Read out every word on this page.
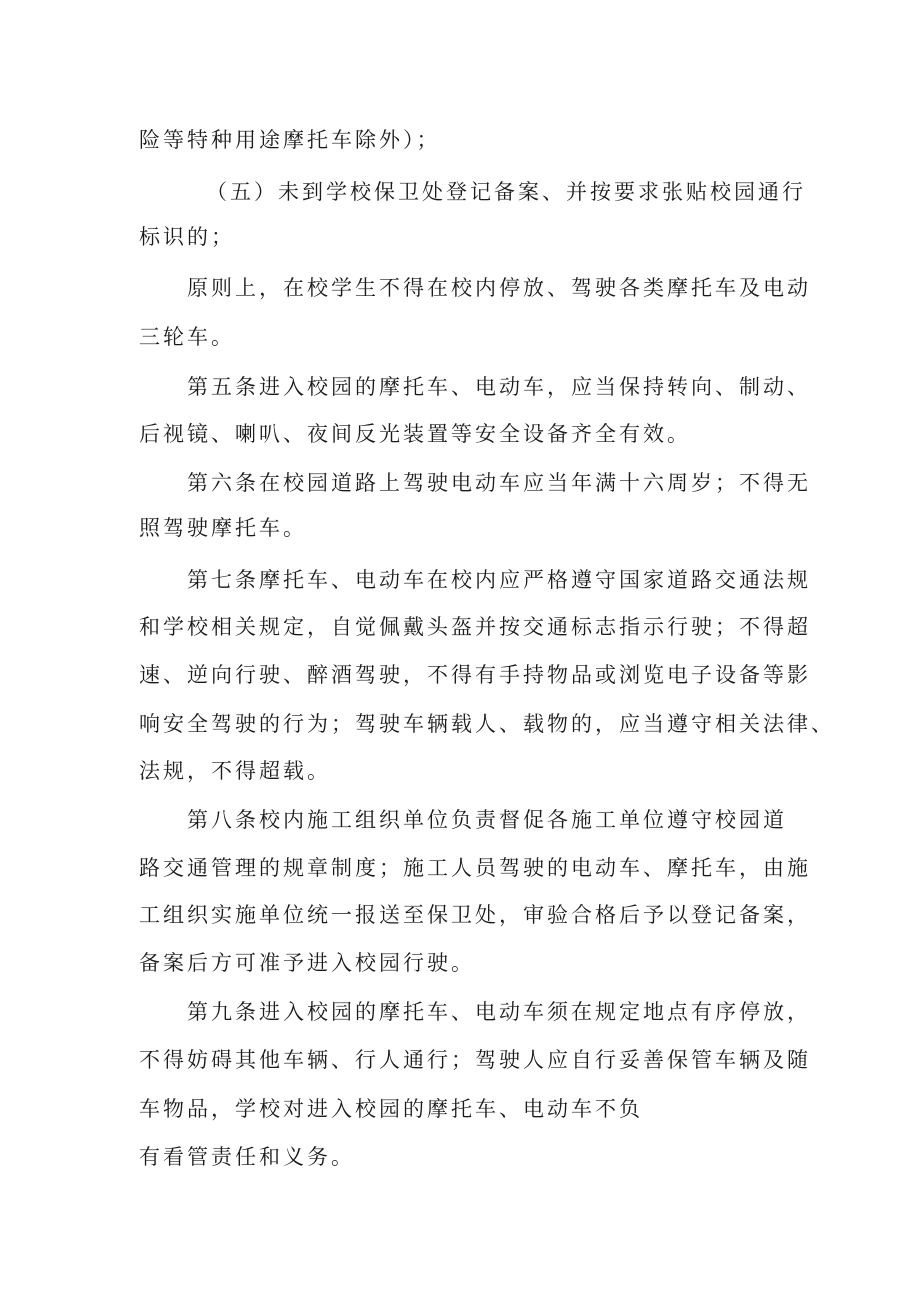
险等特种用途摩托车除外）；

（五）未到学校保卫处登记备案、并按要求张贴校园通行

标识的；

原则上，在校学生不得在校内停放、驾驶各类摩托车及电动

三轮车。

第五条进入校园的摩托车、电动车，应当保持转向、制动、

后视镜、喇叭、夜间反光装置等安全设备齐全有效。

第六条在校园道路上驾驶电动车应当年满十六周岁；不得无

照驾驶摩托车。

第七条摩托车、电动车在校内应严格遵守国家道路交通法规

和学校相关规定，自觉佩戴头盔并按交通标志指示行驶；不得超

速、逆向行驶、醉酒驾驶，不得有手持物品或浏览电子设备等影

响安全驾驶的行为；驾驶车辆载人、载物的，应当遵守相关法律、

法规，不得超载。

第八条校内施工组织单位负责督促各施工单位遵守校园道

路交通管理的规章制度；施工人员驾驶的电动车、摩托车，由施

工组织实施单位统一报送至保卫处，审验合格后予以登记备案，

备案后方可准予进入校园行驶。

第九条进入校园的摩托车、电动车须在规定地点有序停放，

不得妨碍其他车辆、行人通行；驾驶人应自行妥善保管车辆及随

车物品，学校对进入校园的摩托车、电动车不负

有看管责任和义务。
